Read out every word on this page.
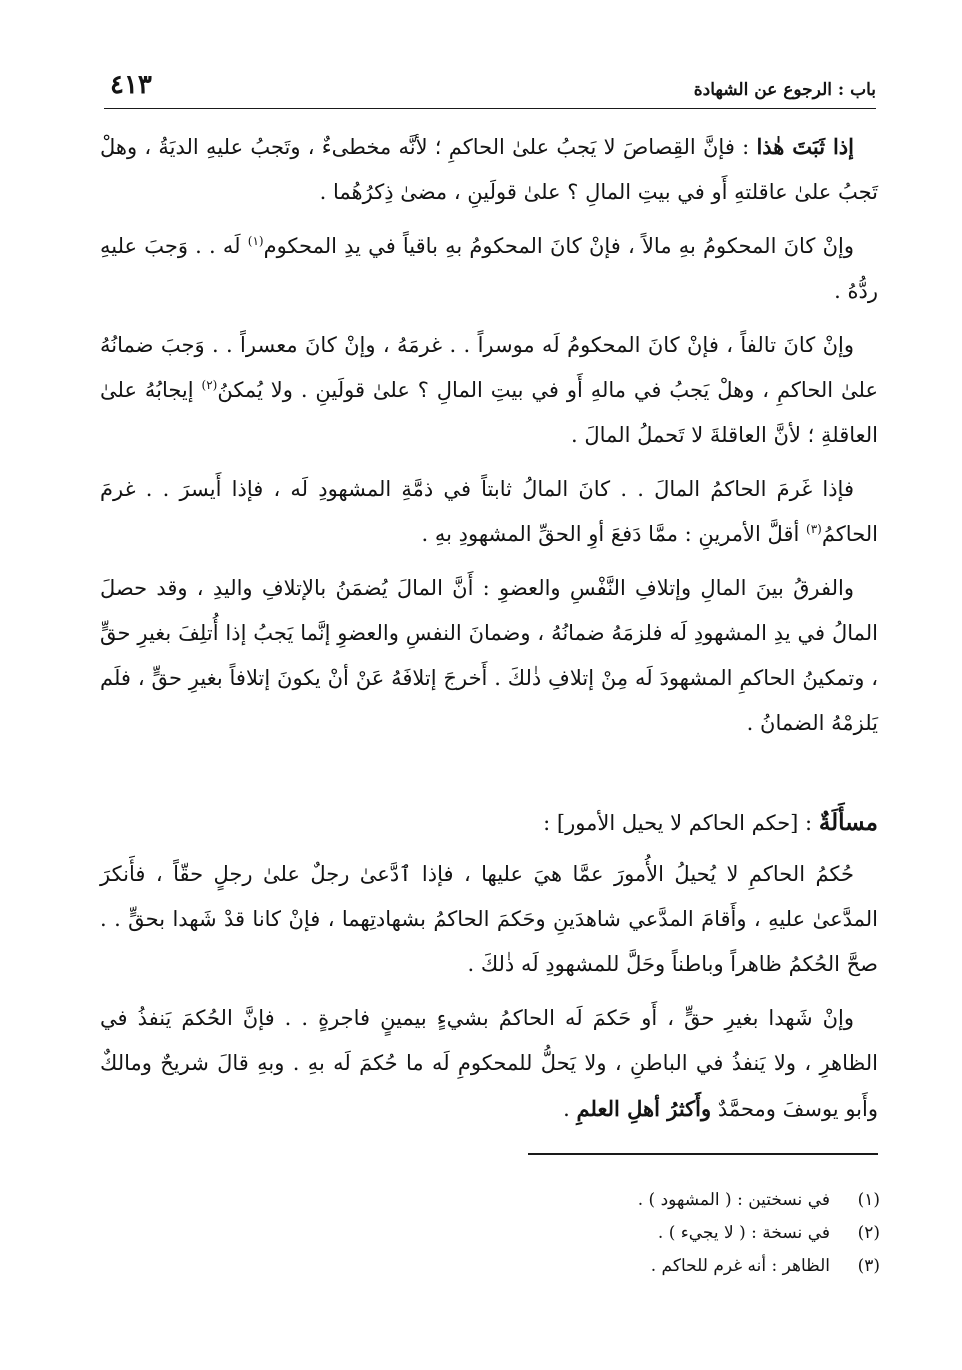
باب : الرجوع عن الشهادة
٤١٣

إذا ثَبَتَ هٰذا : فإنَّ القِصاصَ لا يَجبُ علىٰ الحاكمِ ؛ لأنَّه مخطىءٌ ، وتَجبُ عليهِ الديَةُ ، وهلْ تَجبُ علىٰ عاقلتهِ أَو في بيتِ المالِ ؟ علىٰ قولَينِ ، مضىٰ ذِكرُهُما .

وإنْ كانَ المحكومُ بهِ مالاً ، فإنْ كانَ المحكومُ بهِ باقياً في يدِ المحكوم$^{(١)}$ لَه . . وَجبَ عليهِ ردُّهُ .

وإنْ كانَ تالفاً ، فإنْ كانَ المحكومُ لَه موسراً . . غرمَهُ ، وإنْ كانَ معسراً . . وَجبَ ضمانُهُ علىٰ الحاكمِ ، وهلْ يَجبُ في مالهِ أَو في بيتِ المالِ ؟ علىٰ قولَينِ . ولا يُمكنُ$^{(٢)}$ إيجابُهُ علىٰ العاقلةِ ؛ لأنَّ العاقلةَ لا تَحملُ المالَ .

فإذا غَرمَ الحاكمُ المالَ . . كانَ المالُ ثابتاً في ذمَّةِ المشهودِ لَه ، فإذا أَيسرَ . . غرمَ الحاكمُ$^{(٣)}$ أقلَّ الأمرينِ : ممَّا دَفعَ أوِ الحقِّ المشهودِ بهِ .

والفرقُ بينَ المالِ وإتلافِ النَّفْسِ والعضوِ : أَنَّ المالَ يُضمَنُ بالإتلافِ واليدِ ، وقد حصلَ المالُ في يدِ المشهودِ لَه فلزمَهُ ضمانُهُ ، وضمانَ النفسِ والعضوِ إنَّما يَجبُ إذا أُتلِفَ بغيرِ حقٍّ ، وتمكينُ الحاكمِ المشهودَ لَه مِنْ إتلافِ ذٰلكَ . أَخرجَ إتلافَهُ عَنْ أنْ يكونَ إتلافاً بغيرِ حقٍّ ، فلَم يَلزمْهُ الضمانُ .

مسأَلَةٌ : [حكم الحاكم لا يحيل الأمور] :

حُكمُ الحاكمِ لا يُحيلُ الأُمورَ عمَّا هيَ عليها ، فإذا ٱدَّعىٰ رجلٌ علىٰ رجلٍ حقّاً ، فأَنكرَ المدَّعىٰ عليهِ ، وأَقامَ المدَّعي شاهدَينِ وحَكمَ الحاكمُ بشهادتِهما ، فإنْ كانا قدْ شَهدا بحقٍّ . . صحَّ الحُكمُ ظاهراً وباطناً وحَلَّ للمشهودِ لَه ذٰلكَ .

وإنْ شَهدا بغيرِ حقٍّ ، أَو حَكمَ لَه الحاكمُ بشيءٍ بيمينٍ فاجرةٍ . . فإنَّ الحُكمَ يَنفذُ في الظاهرِ ، ولا يَنفذُ في الباطنِ ، ولا يَحلُّ للمحكومِ لَه ما حُكمَ لَه بهِ . وبهِ قالَ شريحٌ ومالكٌ وأَبو يوسفَ ومحمَّدٌ وأَكثرُ أهلِ العلمِ .

(١)
في نسختين : ( المشهود ) .
(٢)
في نسخة : ( لا يجيء ) .
(٣)
الظاهر : أنه غرم للحاكم .
